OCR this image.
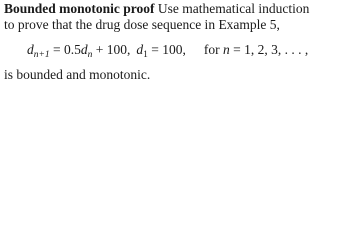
Bounded monotonic proof Use mathematical induction
to prove that the drug dose sequence in Example 5,
$d_{n+1} = 0.5d_n + 100$, $d_1 = 100$, for n = 1, 2, 3, . . . ,
is bounded and monotonic.
